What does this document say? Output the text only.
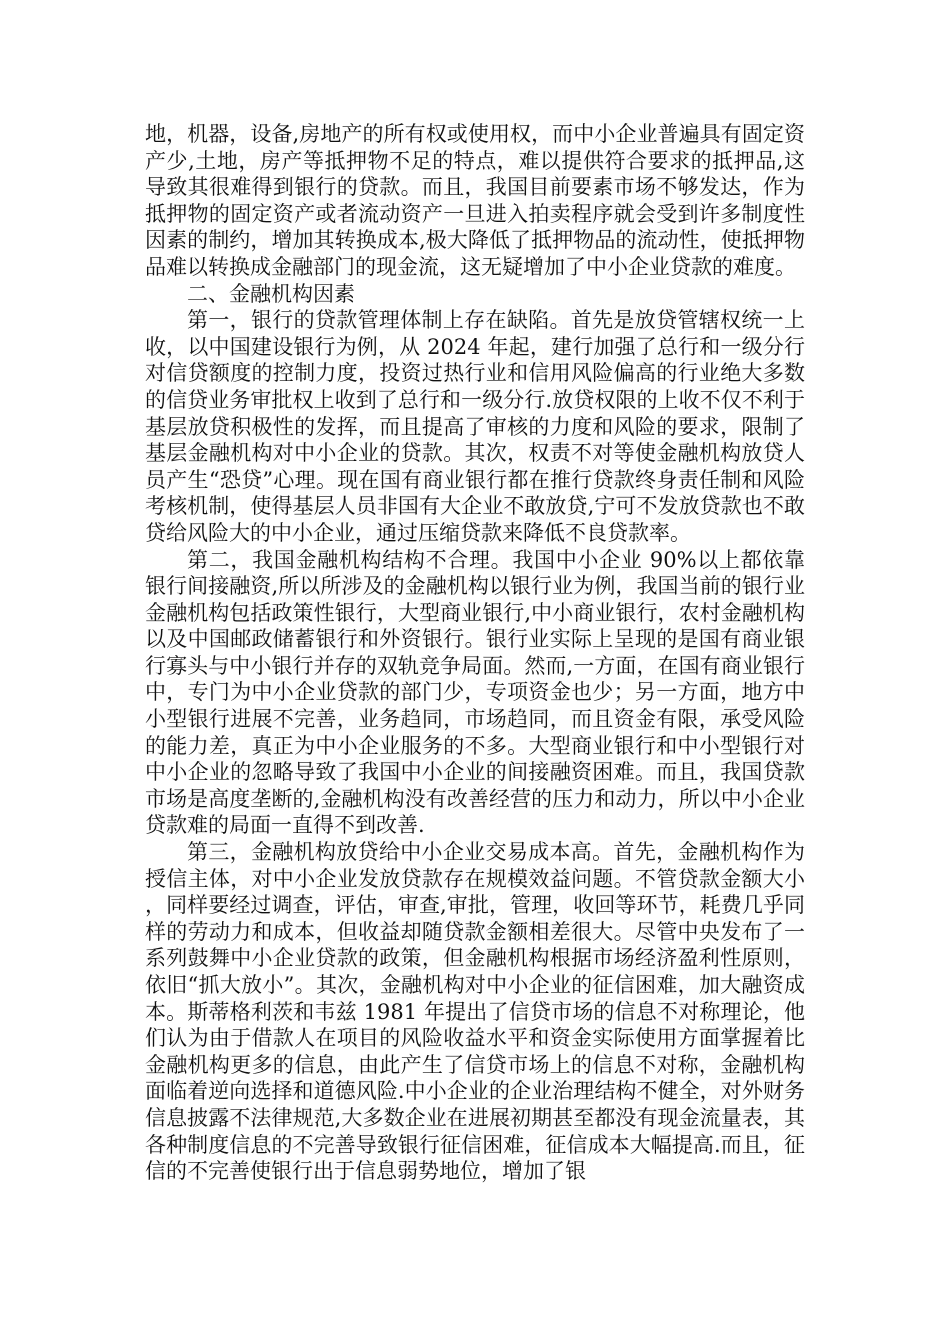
地，机器，设备,房地产的所有权或使用权，而中小企业普遍具有固定资产少,土地，房产等抵押物不足的特点，难以提供符合要求的抵押品,这导致其很难得到银行的贷款。而且，我国目前要素市场不够发达，作为抵押物的固定资产或者流动资产一旦进入拍卖程序就会受到许多制度性因素的制约，增加其转换成本,极大降低了抵押物品的流动性，使抵押物品难以转换成金融部门的现金流，这无疑增加了中小企业贷款的难度。

二、金融机构因素

第一，银行的贷款管理体制上存在缺陷。首先是放贷管辖权统一上收，以中国建设银行为例，从 2024 年起，建行加强了总行和一级分行对信贷额度的控制力度，投资过热行业和信用风险偏高的行业绝大多数的信贷业务审批权上收到了总行和一级分行.放贷权限的上收不仅不利于基层放贷积极性的发挥，而且提高了审核的力度和风险的要求，限制了基层金融机构对中小企业的贷款。其次，权责不对等使金融机构放贷人员产生“恐贷”心理。现在国有商业银行都在推行贷款终身责任制和风险考核机制，使得基层人员非国有大企业不敢放贷,宁可不发放贷款也不敢贷给风险大的中小企业，通过压缩贷款来降低不良贷款率。

第二，我国金融机构结构不合理。我国中小企业 90%以上都依靠银行间接融资,所以所涉及的金融机构以银行业为例，我国当前的银行业金融机构包括政策性银行，大型商业银行,中小商业银行，农村金融机构以及中国邮政储蓄银行和外资银行。银行业实际上呈现的是国有商业银行寡头与中小银行并存的双轨竞争局面。然而,一方面，在国有商业银行中，专门为中小企业贷款的部门少，专项资金也少；另一方面，地方中小型银行进展不完善，业务趋同，市场趋同，而且资金有限，承受风险的能力差，真正为中小企业服务的不多。大型商业银行和中小型银行对中小企业的忽略导致了我国中小企业的间接融资困难。而且，我国贷款市场是高度垄断的,金融机构没有改善经营的压力和动力，所以中小企业贷款难的局面一直得不到改善.

第三，金融机构放贷给中小企业交易成本高。首先，金融机构作为授信主体，对中小企业发放贷款存在规模效益问题。不管贷款金额大小，同样要经过调查，评估，审查,审批，管理，收回等环节，耗费几乎同样的劳动力和成本，但收益却随贷款金额相差很大。尽管中央发布了一系列鼓舞中小企业贷款的政策，但金融机构根据市场经济盈利性原则，依旧“抓大放小”。其次，金融机构对中小企业的征信困难，加大融资成本。斯蒂格利茨和韦兹 1981 年提出了信贷市场的信息不对称理论，他们认为由于借款人在项目的风险收益水平和资金实际使用方面掌握着比金融机构更多的信息，由此产生了信贷市场上的信息不对称，金融机构面临着逆向选择和道德风险.中小企业的企业治理结构不健全，对外财务信息披露不法律规范,大多数企业在进展初期甚至都没有现金流量表，其各种制度信息的不完善导致银行征信困难，征信成本大幅提高.而且，征信的不完善使银行出于信息弱势地位，增加了银
